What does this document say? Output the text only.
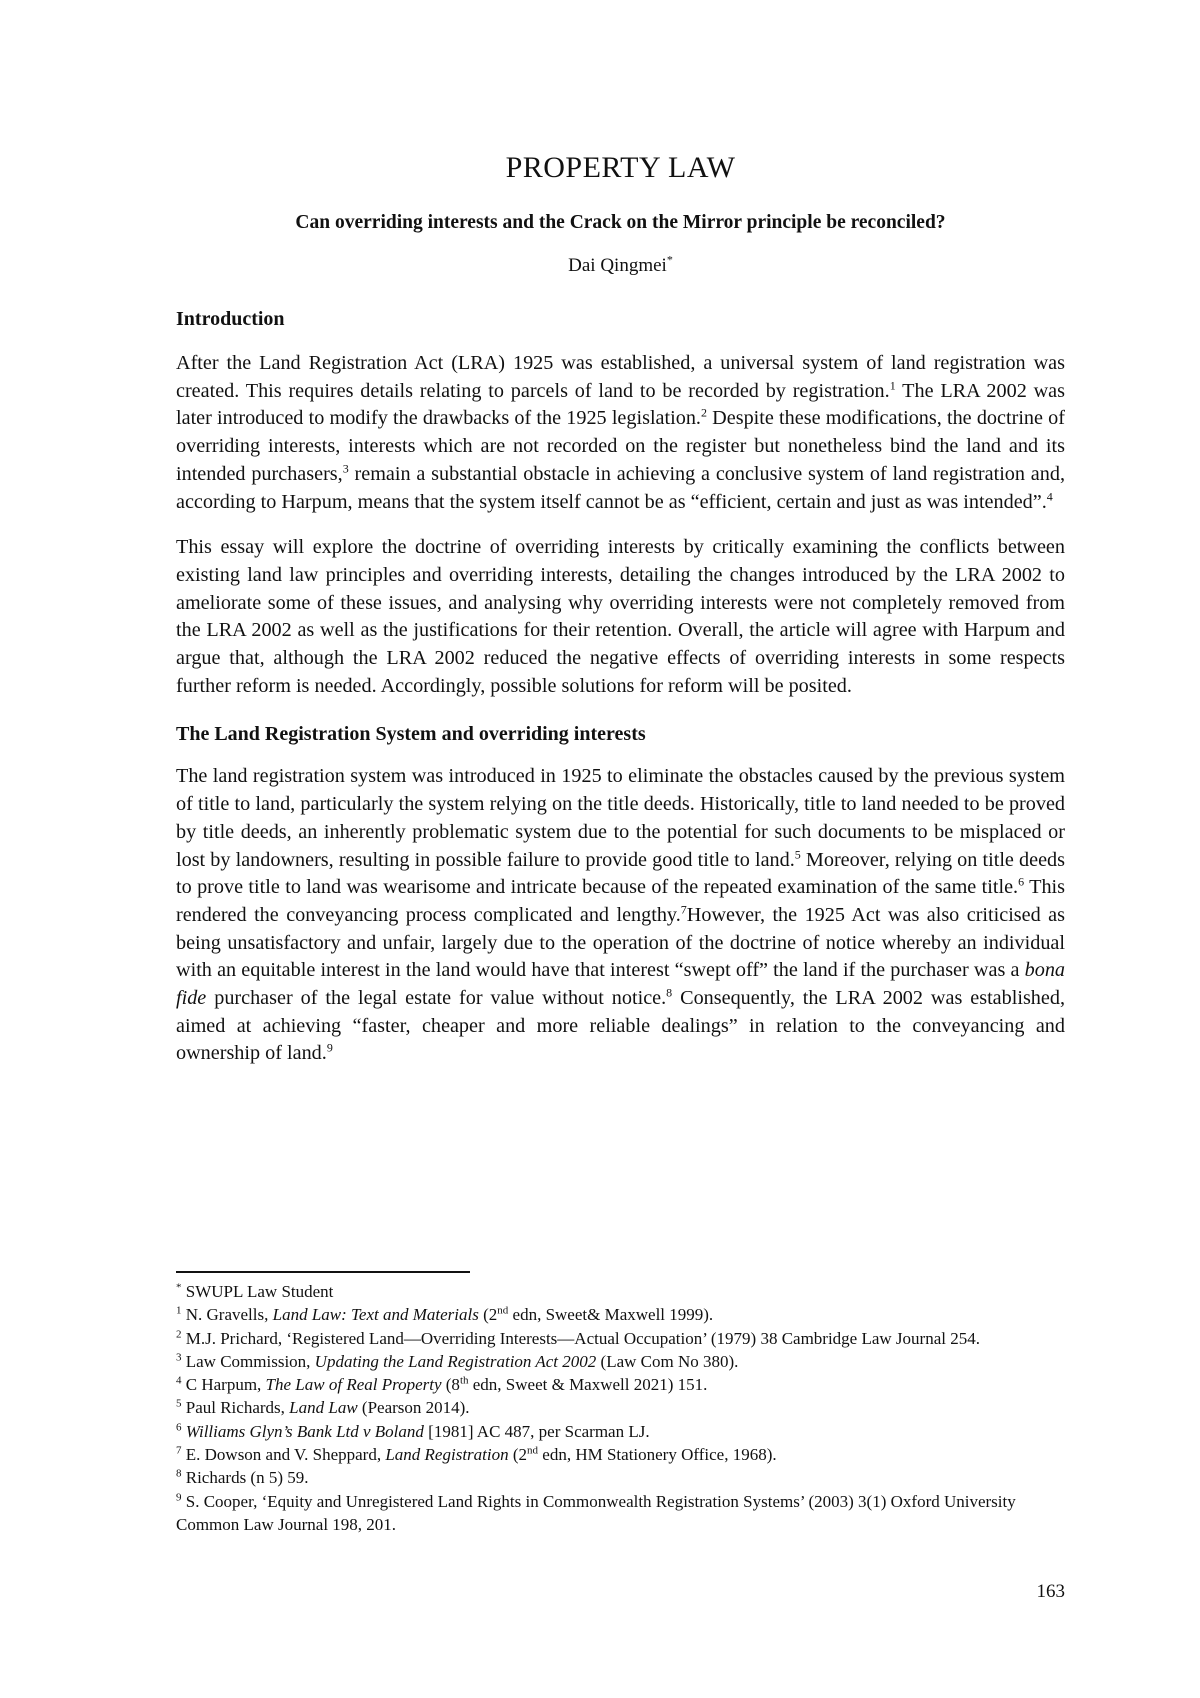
PROPERTY LAW
Can overriding interests and the Crack on the Mirror principle be reconciled?
Dai Qingmei*
Introduction

After the Land Registration Act (LRA) 1925 was established, a universal system of land registration was created. This requires details relating to parcels of land to be recorded by registration.$^1$ The LRA 2002 was later introduced to modify the drawbacks of the 1925 legislation.$^2$ Despite these modifications, the doctrine of overriding interests, interests which are not recorded on the register but nonetheless bind the land and its intended purchasers,$^3$ remain a substantial obstacle in achieving a conclusive system of land registration and, according to Harpum, means that the system itself cannot be as “efficient, certain and just as was intended”.$^4$

This essay will explore the doctrine of overriding interests by critically examining the conflicts between existing land law principles and overriding interests, detailing the changes introduced by the LRA 2002 to ameliorate some of these issues, and analysing why overriding interests were not completely removed from the LRA 2002 as well as the justifications for their retention. Overall, the article will agree with Harpum and argue that, although the LRA 2002 reduced the negative effects of overriding interests in some respects further reform is needed. Accordingly, possible solutions for reform will be posited.

The Land Registration System and overriding interests

The land registration system was introduced in 1925 to eliminate the obstacles caused by the previous system of title to land, particularly the system relying on the title deeds. Historically, title to land needed to be proved by title deeds, an inherently problematic system due to the potential for such documents to be misplaced or lost by landowners, resulting in possible failure to provide good title to land.$^5$ Moreover, relying on title deeds to prove title to land was wearisome and intricate because of the repeated examination of the same title.$^6$ This rendered the conveyancing process complicated and lengthy.$^7$However, the 1925 Act was also criticised as being unsatisfactory and unfair, largely due to the operation of the doctrine of notice whereby an individual with an equitable interest in the land would have that interest “swept off” the land if the purchaser was a bona fide purchaser of the legal estate for value without notice.$^8$ Consequently, the LRA 2002 was established, aimed at achieving “faster, cheaper and more reliable dealings” in relation to the conveyancing and ownership of land.$^9$

* SWUPL Law Student
$^1$ N. Gravells, Land Law: Text and Materials (2nd edn, Sweet& Maxwell 1999).
$^2$ M.J. Prichard, ‘Registered Land—Overriding Interests—Actual Occupation’ (1979) 38 Cambridge Law Journal 254.
$^3$ Law Commission, Updating the Land Registration Act 2002 (Law Com No 380).
$^4$ C Harpum, The Law of Real Property (8th edn, Sweet & Maxwell 2021) 151.
$^5$ Paul Richards, Land Law (Pearson 2014).
$^6$ Williams Glyn’s Bank Ltd v Boland [1981] AC 487, per Scarman LJ.
$^7$ E. Dowson and V. Sheppard, Land Registration (2nd edn, HM Stationery Office, 1968).
$^8$ Richards (n 5) 59.
$^9$ S. Cooper, ‘Equity and Unregistered Land Rights in Commonwealth Registration Systems’ (2003) 3(1) Oxford University Common Law Journal 198, 201.
163
